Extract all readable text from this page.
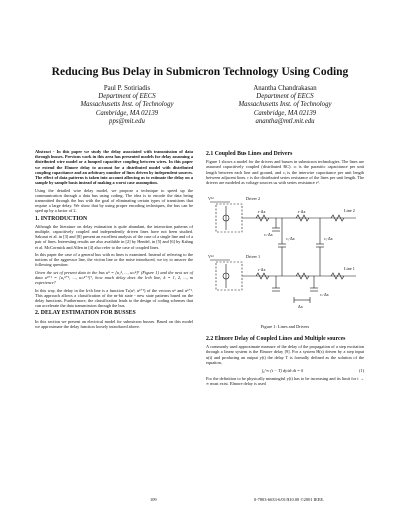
Reducing Bus Delay in Submicron Technology Using Coding
Paul P. Sotiriadis
Department of EECS
Massachusetts Inst. of Technology
Cambridge, MA 02139
pps@mit.edu
Anantha Chandrakasan
Department of EECS
Massachusetts Inst. of Technology
Cambridge, MA 02139
anantha@mtl.mit.edu

Abstract - In this paper we study the delay associated with transmission of data through busses. Previous work in this area has presented models for delay assuming a distributed wire model or a lumped capacitive coupling between wires. In this paper we extend the Elmore delay to account for a distributed model with distributed coupling capacitance and an arbitrary number of lines driven by independent sources. The effect of data patterns is taken into account allowing us to estimate the delay on a sample by sample basis instead of making a worst case assumption.

Using the detailed wire delay model, we propose a technique to speed up the communication through a data bus using coding. The idea is to encode the data being transmitted through the bus with the goal of eliminating certain types of transitions that require a large delay. We show that by using proper encoding techniques, the bus can be sped up by a factor of 2.

1. INTRODUCTION

Although the literature on delay estimation is quite abundant, the interaction patterns of multiple, capacitively coupled and independently driven lines have not been studied. Sakurai et al. in [3] and [8] present an excellent analysis of the case of a single line and of a pair of lines. Interesting results are also available in [2] by Hendel, in [5] and [6] by Kahng et al. McCormick and Allen in [4] also refer to the case of coupled lines.

In this paper the case of a general bus with m lines is examined. Instead of referring to the notions of the aggressor line, the victim line or the noise introduced, we try to answer the following question:

Given the set of present data in the bus uⁿ = [u₁ⁿ, ..., uₘⁿ]ᵀ (Figure 1) and the next set of data uⁿ⁺¹ = [u₁ⁿ⁺¹, ..., uₘⁿ⁺¹]ᵀ, how much delay does the k-th line, k = 1, 2, ..., m experience?

In this way, the delay in the k-th line is a function Tₖ(uⁿ, uⁿ⁺¹) of the vectors uⁿ and uⁿ⁺¹. This approach allows a classification of the m-bit state - new state patterns based on the delay functions. Furthermore, the classification leads to the design of coding schemes that can accelerate the data transmission through the bus.

2. DELAY ESTIMATION FOR BUSSES

In this section we present an electrical model for submicron busses. Based on this model we approximate the delay function loosely introduced above.

2.1 Coupled Bus Lines and Drivers

Figure 1 shows a model for the drivers and busses in submicron technologies. The lines are assumed capacitively coupled (distributed RC). cₗ is the parasitic capacitance per unit length between each line and ground, and cᵢ is the interwire capacitance per unit length between adjacent lines. r is the distributed series resistance of the lines per unit length. The drivers are modeled as voltage sources uₖ with series resistance rᵈ.

Vᵈᵈ	Driver 2
Vᵈᵈ	Driver 1
Line 2
Line 1
r·Δx	r·Δx
r·Δx
cₗ·Δx
cᵢ·Δx	cᵢ·Δx
cₗ·Δx
Δx
Figure 1: Lines and Drivers
2.2 Elmore Delay of Coupled Lines and Multiple sources

A commonly used approximate measure of the delay of the propagation of a step excitation through a linear system is the Elmore delay [9]. For a system H(s) driven by a step input u(t) and producing an output y(t) the delay T is formally defined as the solution of the equation,

∫₀^∞ (t − T) dy/dt dt = 0	(1)

For the definition to be physically meaningful y(t) has to be increasing and its limit for t → ∞ must exist. Elmore delay is used

109	0-7803-6633-6/01/$10.00 ©2001 IEEE.
